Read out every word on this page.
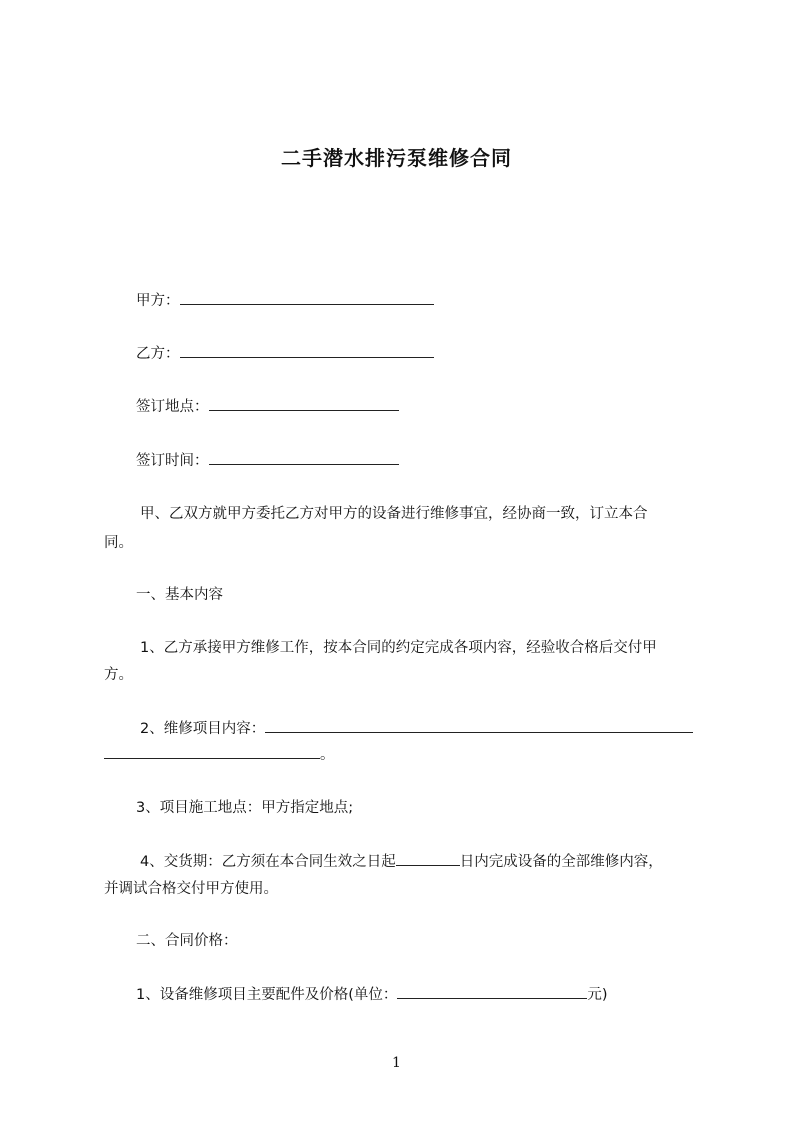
二手潜水排污泵维修合同
甲方：
乙方：
签订地点：
签订时间：
甲、乙双方就甲方委托乙方对甲方的设备进行维修事宜，经协商一致，订立本合
同。
一、基本内容
1、乙方承接甲方维修工作，按本合同的约定完成各项内容，经验收合格后交付甲
方。
2、维修项目内容：
。
3、项目施工地点：甲方指定地点;
4、交货期：乙方须在本合同生效之日起	日内完成设备的全部维修内容，
并调试合格交付甲方使用。
二、合同价格：
1、设备维修项目主要配件及价格(单位：	元)
1
